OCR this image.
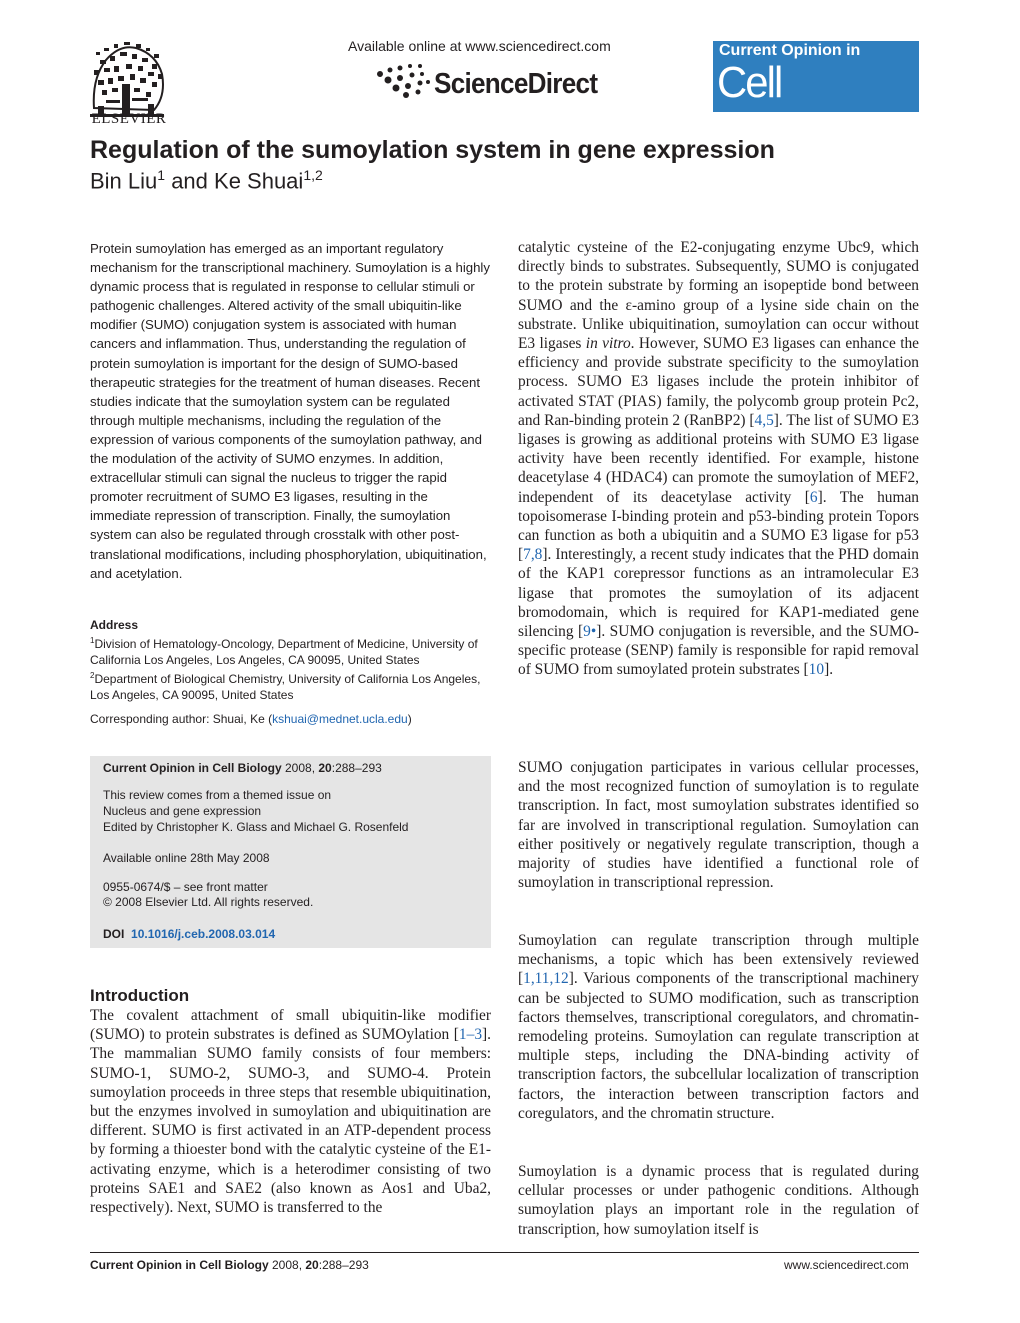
ELSEVIER
Available online at www.sciencedirect.com
ScienceDirect
Current Opinion in
Cell Biology
Regulation of the sumoylation system in gene expression
Bin Liu$^1$ and Ke Shuai$^{1,2}$
Protein sumoylation has emerged as an important regulatory mechanism for the transcriptional machinery. Sumoylation is a highly dynamic process that is regulated in response to cellular stimuli or pathogenic challenges. Altered activity of the small ubiquitin-like modifier (SUMO) conjugation system is associated with human cancers and inflammation. Thus, understanding the regulation of protein sumoylation is important for the design of SUMO-based therapeutic strategies for the treatment of human diseases. Recent studies indicate that the sumoylation system can be regulated through multiple mechanisms, including the regulation of the expression of various components of the sumoylation pathway, and the modulation of the activity of SUMO enzymes. In addition, extracellular stimuli can signal the nucleus to trigger the rapid promoter recruitment of SUMO E3 ligases, resulting in the immediate repression of transcription. Finally, the sumoylation system can also be regulated through crosstalk with other post-translational modifications, including phosphorylation, ubiquitination, and acetylation.
Address
$^1$Division of Hematology-Oncology, Department of Medicine, University of California Los Angeles, Los Angeles, CA 90095, United States
$^2$Department of Biological Chemistry, University of California Los Angeles, Los Angeles, CA 90095, United States
Corresponding author: Shuai, Ke (kshuai@mednet.ucla.edu)
Current Opinion in Cell Biology 2008, 20:288–293
This review comes from a themed issue on
Nucleus and gene expression
Edited by Christopher K. Glass and Michael G. Rosenfeld
Available online 28th May 2008
0955-0674/$ – see front matter
© 2008 Elsevier Ltd. All rights reserved.
DOI 10.1016/j.ceb.2008.03.014
Introduction
The covalent attachment of small ubiquitin-like modifier (SUMO) to protein substrates is defined as SUMOylation [1–3]. The mammalian SUMO family consists of four members: SUMO-1, SUMO-2, SUMO-3, and SUMO-4. Protein sumoylation proceeds in three steps that resemble ubiquitination, but the enzymes involved in sumoylation and ubiquitination are different. SUMO is first activated in an ATP-dependent process by forming a thioester bond with the catalytic cysteine of the E1-activating enzyme, which is a heterodimer consisting of two proteins SAE1 and SAE2 (also known as Aos1 and Uba2, respectively). Next, SUMO is transferred to the
catalytic cysteine of the E2-conjugating enzyme Ubc9, which directly binds to substrates. Subsequently, SUMO is conjugated to the protein substrate by forming an isopeptide bond between SUMO and the ε-amino group of a lysine side chain on the substrate. Unlike ubiquitination, sumoylation can occur without E3 ligases in vitro. However, SUMO E3 ligases can enhance the efficiency and provide substrate specificity to the sumoylation process. SUMO E3 ligases include the protein inhibitor of activated STAT (PIAS) family, the polycomb group protein Pc2, and Ran-binding protein 2 (RanBP2) [4,5]. The list of SUMO E3 ligases is growing as additional proteins with SUMO E3 ligase activity have been recently identified. For example, histone deacetylase 4 (HDAC4) can promote the sumoylation of MEF2, independent of its deacetylase activity [6]. The human topoisomerase I-binding protein and p53-binding protein Topors can function as both a ubiquitin and a SUMO E3 ligase for p53 [7,8]. Interestingly, a recent study indicates that the PHD domain of the KAP1 corepressor functions as an intramolecular E3 ligase that promotes the sumoylation of its adjacent bromodomain, which is required for KAP1-mediated gene silencing [9•]. SUMO conjugation is reversible, and the SUMO-specific protease (SENP) family is responsible for rapid removal of SUMO from sumoylated protein substrates [10].
SUMO conjugation participates in various cellular processes, and the most recognized function of sumoylation is to regulate transcription. In fact, most sumoylation substrates identified so far are involved in transcriptional regulation. Sumoylation can either positively or negatively regulate transcription, though a majority of studies have identified a functional role of sumoylation in transcriptional repression.
Sumoylation can regulate transcription through multiple mechanisms, a topic which has been extensively reviewed [1,11,12]. Various components of the transcriptional machinery can be subjected to SUMO modification, such as transcription factors themselves, transcriptional coregulators, and chromatin-remodeling proteins. Sumoylation can regulate transcription at multiple steps, including the DNA-binding activity of transcription factors, the subcellular localization of transcription factors, the interaction between transcription factors and coregulators, and the chromatin structure.
Sumoylation is a dynamic process that is regulated during cellular processes or under pathogenic conditions. Although sumoylation plays an important role in the regulation of transcription, how sumoylation itself is
Current Opinion in Cell Biology 2008, 20:288–293	www.sciencedirect.com
